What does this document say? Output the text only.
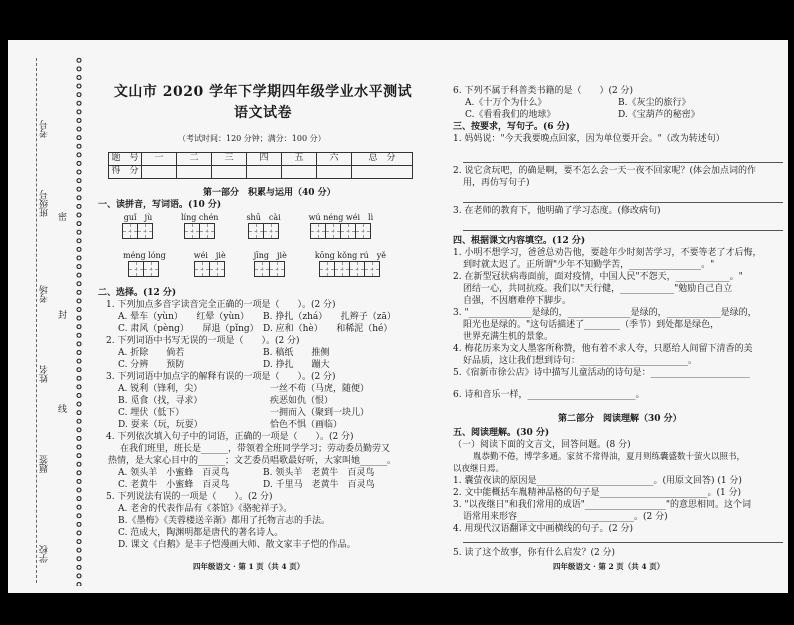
考号
班级号
姓名
学校
考场
题签
密
封
线
文山市 2020 学年下学期四年级学业水平测试
语文试卷
（考试时间：120 分钟；满分：100 分）
题　号	一	二	三	四	五	六	总　分
得　分							
第一部分　积累与运用（40 分）
一、读拼音，写词语。(10 分)
guǐ　jù	líng chén	shū　cài	wú néng wéi　lì
méng lóng	wéi　jiè	jīng　jiè	kōng kǒng rú　yě
二、选择。(12 分)
1. 下列加点多音字读音完全正确的一项是（　　）。(2 分)
A. 晕车（yùn）　　红晕（yùn） B. 挣扎（zhá）　　扎辫子（zā）
C. 肃风（pèng）　　屏退（pǐng） D. 应和（hè）　　和稀泥（hé）
2. 下列词语中书写无误的一项是（　　）。(2 分)
A. 折除　　倘若	B. 稿纸　　推侧
C. 分辨　　预防	D. 挣扎　　蹦大
3. 下列词语中加点字的解释有误的一项是（　　）。(2 分)
A. 锐利（锋利，尖）	一丝不苟（马虎，随便）
B. 觅食（找，寻求）	疾恶如仇（恨）
C. 埋伏（低下）	一拥而入（聚到一块儿）
D. 耍来（玩，玩耍）	恰色不惧（画临）
4. 下列依次填入句子中的词语，正确的一项是（　　）。(2 分)
在我们班里，班长是______，带领着全班同学学习；劳动委员勤劳又
热情，是大家心目中的______；文艺委员唱歌最好听，大家叫她______。
A. 领头羊　小蜜蜂　百灵鸟	B. 领头羊　老黄牛　百灵鸟
C. 老黄牛　小蜜蜂　百灵鸟	D. 千里马　老黄牛　百灵鸟
5. 下列说法有误的一项是（　　）。(2 分)
A. 老舍的代表作品有《茶馆》《骆驼祥子》。
B.《墨梅》《芙蓉楼送辛渐》都用了托物言志的手法。
C. 范成大，陶渊明都是唐代的著名诗人。
D. 课文《白鹅》是丰子恺漫画大师、散文家丰子恺的作品。
四年级语文 · 第 1 页（共 4 页）
6. 下列不属于科普类书籍的是（　　）(2 分)
A.《十万个为什么》	B.《灰尘的旅行》
C.《看看我们的地球》	D.《宝葫芦的秘密》
三、按要求，写句子。(6 分)
1. 妈妈说："今天我要晚点回家，因为单位要开会。"（改为转述句）
2. 说它贪玩吧，的确是啊，要不怎么会一天一夜不回家呢？(体会加点词的作
用，再仿写句子)
3. 在老师的教育下，他明确了学习态度。(修改病句)
四、根据课文内容填空。(12 分)
1. 小明不想学习，爸爸总劝告他，要趁年少时刻苦学习，不要等老了才后悔，
到时就太迟了。正所谓"少年不知勤学苦，________________。"
2. 在新型冠状病毒面前，面对疫情，中国人民"不怨天，____________。"
团结一心，共同抗疫。我们以"天行健，____________"勉励自己自立
自强，不因磨难停下脚步。
3. "______________是绿的，______________是绿的，____________是绿的，
阳光也是绿的。"这句话描述了________（季节）到处都是绿色，
世界充满生机的景象。
4. 梅花历来为文人墨客所称赞，他有着不求人夸，只愿给人间留下清香的美
好品质，这让我们想到诗句：________________________。
5.《宿新市徐公店》诗中描写儿童活动的诗句是：______________________
6. 诗和音乐一样，________________________。
第二部分　阅读理解（30 分）
五、阅读理解。(30 分)
（一）阅读下面的文言文，回答问题。(8 分)
胤恭勤不倦，博学多通。家贫不常得油，夏月则练囊盛数十萤火以照书，
以夜继日焉。
1. 囊萤夜读的原因是__________________________。(用原文回答) (1 分)
2. 文中能概括车胤精神品格的句子是________________________。(1 分)
3. "以夜继日"和我们常用的成语"__________________"的意思相同。这个词
语常用来形容__________________________。(2 分)
4. 用现代汉语翻译文中画横线的句子。(2 分)
5. 读了这个故事，你有什么启发？(2 分)
四年级语文 · 第 2 页（共 4 页）
